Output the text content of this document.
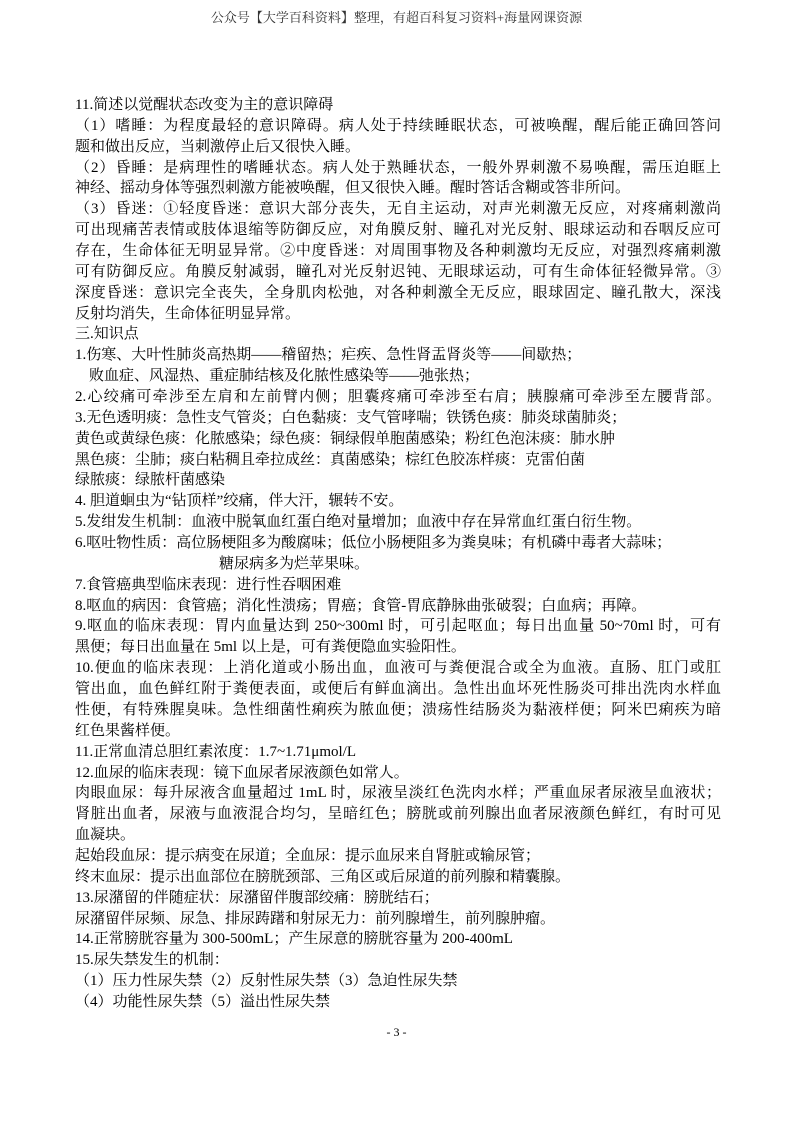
公众号【大学百科资料】整理，有超百科复习资料+海量网课资源
11.简述以觉醒状态改变为主的意识障碍
（1）嗜睡：为程度最轻的意识障碍。病人处于持续睡眠状态，可被唤醒，醒后能正确回答问
题和做出反应，当刺激停止后又很快入睡。
（2）昏睡：是病理性的嗜睡状态。病人处于熟睡状态，一般外界刺激不易唤醒，需压迫眶上
神经、摇动身体等强烈刺激方能被唤醒，但又很快入睡。醒时答话含糊或答非所问。
（3）昏迷：①轻度昏迷：意识大部分丧失，无自主运动，对声光刺激无反应，对疼痛刺激尚
可出现痛苦表情或肢体退缩等防御反应，对角膜反射、瞳孔对光反射、眼球运动和吞咽反应可
存在，生命体征无明显异常。②中度昏迷：对周围事物及各种刺激均无反应，对强烈疼痛刺激
可有防御反应。角膜反射减弱，瞳孔对光反射迟钝、无眼球运动，可有生命体征轻微异常。③
深度昏迷：意识完全丧失，全身肌肉松弛，对各种刺激全无反应，眼球固定、瞳孔散大，深浅
反射均消失，生命体征明显异常。
三.知识点
1.伤寒、大叶性肺炎高热期——稽留热；疟疾、急性肾盂肾炎等——间歇热；
败血症、风湿热、重症肺结核及化脓性感染等——弛张热；
2.心绞痛可牵涉至左肩和左前臂内侧；胆囊疼痛可牵涉至右肩；胰腺痛可牵涉至左腰背部。
3.无色透明痰：急性支气管炎；白色黏痰：支气管哮喘；铁锈色痰：肺炎球菌肺炎；
黄色或黄绿色痰：化脓感染；绿色痰：铜绿假单胞菌感染；粉红色泡沫痰：肺水肿
黑色痰：尘肺；痰白粘稠且牵拉成丝：真菌感染；棕红色胶冻样痰：克雷伯菌
绿脓痰：绿脓杆菌感染
4. 胆道蛔虫为“钻顶样”绞痛，伴大汗，辗转不安。
5.发绀发生机制：血液中脱氧血红蛋白绝对量增加；血液中存在异常血红蛋白衍生物。
6.呕吐物性质：高位肠梗阻多为酸腐味；低位小肠梗阻多为粪臭味；有机磷中毒者大蒜味；
糖尿病多为烂苹果味。
7.食管癌典型临床表现：进行性吞咽困难
8.呕血的病因：食管癌；消化性溃疡；胃癌；食管-胃底静脉曲张破裂；白血病；再障。
9.呕血的临床表现：胃内血量达到 250~300ml 时，可引起呕血；每日出血量 50~70ml 时，可有
黑便；每日出血量在 5ml 以上是，可有粪便隐血实验阳性。
10.便血的临床表现：上消化道或小肠出血，血液可与粪便混合或全为血液。直肠、肛门或肛
管出血，血色鲜红附于粪便表面，或便后有鲜血滴出。急性出血坏死性肠炎可排出洗肉水样血
性便，有特殊腥臭味。急性细菌性痢疾为脓血便；溃疡性结肠炎为黏液样便；阿米巴痢疾为暗
红色果酱样便。
11.正常血清总胆红素浓度：1.7~1.71μmol/L
12.血尿的临床表现：镜下血尿者尿液颜色如常人。
肉眼血尿：每升尿液含血量超过 1mL 时，尿液呈淡红色洗肉水样；严重血尿者尿液呈血液状；
肾脏出血者，尿液与血液混合均匀，呈暗红色；膀胱或前列腺出血者尿液颜色鲜红，有时可见
血凝块。
起始段血尿：提示病变在尿道；全血尿：提示血尿来自肾脏或输尿管；
终末血尿：提示出血部位在膀胱颈部、三角区或后尿道的前列腺和精囊腺。
13.尿潴留的伴随症状：尿潴留伴腹部绞痛：膀胱结石；
尿潴留伴尿频、尿急、排尿踌躇和射尿无力：前列腺增生，前列腺肿瘤。
14.正常膀胱容量为 300-500mL；产生尿意的膀胱容量为 200-400mL
15.尿失禁发生的机制：
（1）压力性尿失禁（2）反射性尿失禁（3）急迫性尿失禁
（4）功能性尿失禁（5）溢出性尿失禁
- 3 -
